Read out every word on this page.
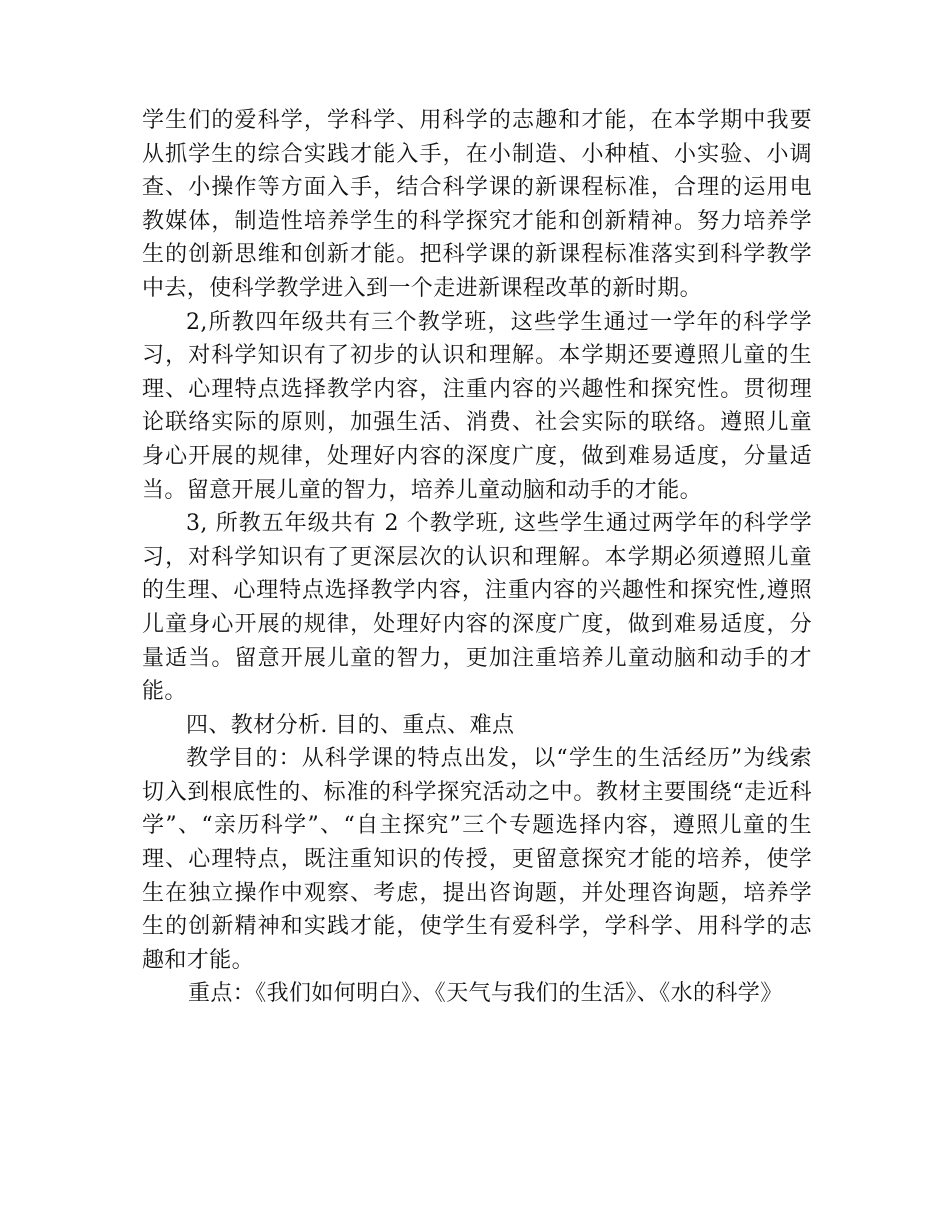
学生们的爱科学，学科学、用科学的志趣和才能，在本学期中我要从抓学生的综合实践才能入手，在小制造、小种植、小实验、小调查、小操作等方面入手，结合科学课的新课程标准，合理的运用电教媒体，制造性培养学生的科学探究才能和创新精神。努力培养学生的创新思维和创新才能。把科学课的新课程标准落实到科学教学中去，使科学教学进入到一个走进新课程改革的新时期。

2,所教四年级共有三个教学班，这些学生通过一学年的科学学习，对科学知识有了初步的认识和理解。本学期还要遵照儿童的生理、心理特点选择教学内容，注重内容的兴趣性和探究性。贯彻理论联络实际的原则，加强生活、消费、社会实际的联络。遵照儿童身心开展的规律，处理好内容的深度广度，做到难易适度，分量适当。留意开展儿童的智力，培养儿童动脑和动手的才能。

3, 所教五年级共有 2 个教学班, 这些学生通过两学年的科学学习，对科学知识有了更深层次的认识和理解。本学期必须遵照儿童的生理、心理特点选择教学内容，注重内容的兴趣性和探究性,遵照儿童身心开展的规律，处理好内容的深度广度，做到难易适度，分量适当。留意开展儿童的智力，更加注重培养儿童动脑和动手的才能。

四、教材分析. 目的、重点、难点

教学目的：从科学课的特点出发，以“学生的生活经历”为线索切入到根底性的、标准的科学探究活动之中。教材主要围绕“走近科学”、“亲历科学”、“自主探究”三个专题选择内容，遵照儿童的生理、心理特点，既注重知识的传授，更留意探究才能的培养，使学生在独立操作中观察、考虑，提出咨询题，并处理咨询题，培养学生的创新精神和实践才能，使学生有爱科学，学科学、用科学的志趣和才能。

重点：《我们如何明白》、《天气与我们的生活》、《水的科学》
